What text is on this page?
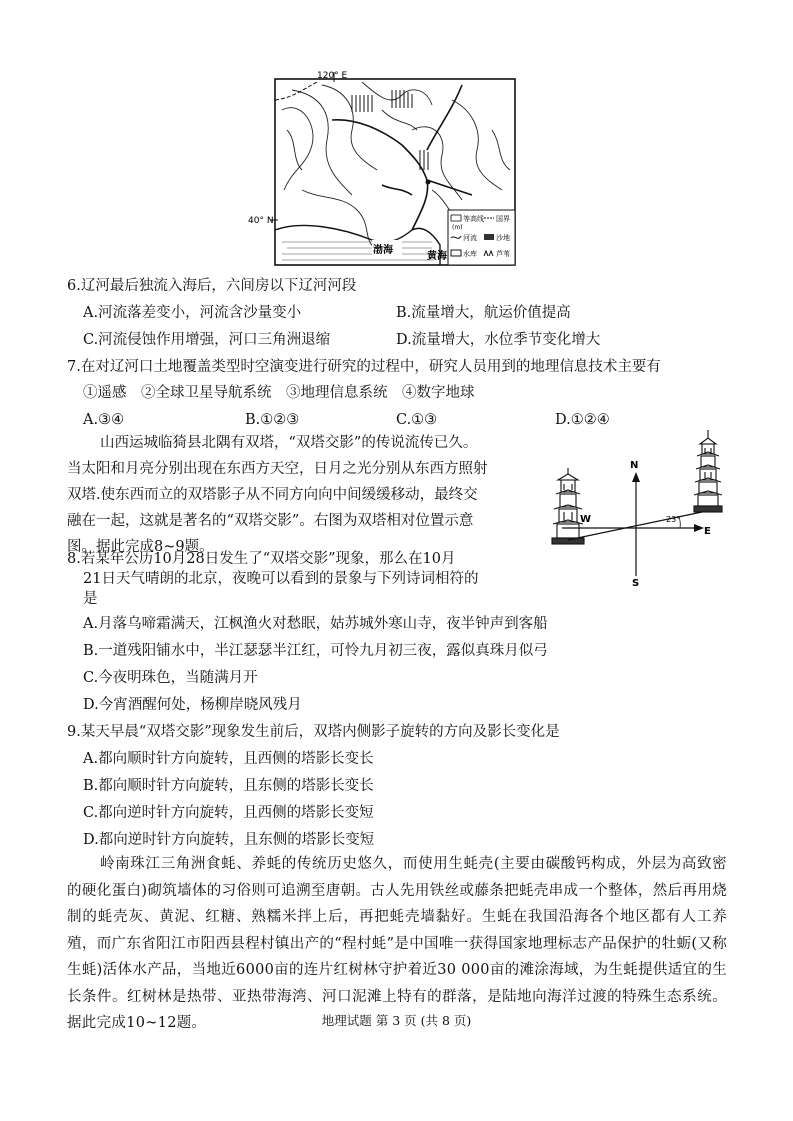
120° E
40° N
渤海
黄海
等高线
(m)
国界
河流	沙地
水库	芦苇
6.辽河最后独流入海后，六间房以下辽河河段
A.河流落差变小，河流含沙量变小	B.流量增大，航运价值提高
C.河流侵蚀作用增强，河口三角洲退缩	D.流量增大，水位季节变化增大
7.在对辽河口土地覆盖类型时空演变进行研究的过程中，研究人员用到的地理信息技术主要有
①遥感　②全球卫星导航系统　③地理信息系统　④数字地球
A.③④	B.①②③	C.①③	D.①②④
山西运城临猗县北隅有双塔，“双塔交影”的传说流传已久。
当太阳和月亮分别出现在东西方天空，日月之光分别从东西方照射
双塔.使东西而立的双塔影子从不同方向向中间缓缓移动，最终交
融在一起，这就是著名的“双塔交影”。右图为双塔相对位置示意
图。据此完成8~9题。
N
S
W
E
23°
8.若某年公历10月28日发生了“双塔交影”现象，那么在10月
21日天气晴朗的北京，夜晚可以看到的景象与下列诗词相符的
是
A.月落乌啼霜满天，江枫渔火对愁眠，姑苏城外寒山寺，夜半钟声到客船
B.一道残阳铺水中，半江瑟瑟半江红，可怜九月初三夜，露似真珠月似弓
C.今夜明珠色，当随满月开
D.今宵酒醒何处，杨柳岸晓风残月
9.某天早晨“双塔交影”现象发生前后，双塔内侧影子旋转的方向及影长变化是
A.都向顺时针方向旋转，且西侧的塔影长变长
B.都向顺时针方向旋转，且东侧的塔影长变长
C.都向逆时针方向旋转，且西侧的塔影长变短
D.都向逆时针方向旋转，且东侧的塔影长变短
岭南珠江三角洲食蚝、养蚝的传统历史悠久，而使用生蚝壳(主要由碳酸钙构成，外层为高致密的硬化蛋白)砌筑墙体的习俗则可追溯至唐朝。古人先用铁丝或藤条把蚝壳串成一个整体，然后再用烧制的蚝壳灰、黄泥、红糖、熟糯米拌上后，再把蚝壳墙黏好。生蚝在我国沿海各个地区都有人工养殖，而广东省阳江市阳西县程村镇出产的“程村蚝”是中国唯一获得国家地理标志产品保护的牡蛎(又称生蚝)活体水产品，当地近6000亩的连片红树林守护着近30 000亩的滩涂海域，为生蚝提供适宜的生长条件。红树林是热带、亚热带海湾、河口泥滩上特有的群落，是陆地向海洋过渡的特殊生态系统。据此完成10~12题。	地理试题 第 3 页 (共 8 页)
